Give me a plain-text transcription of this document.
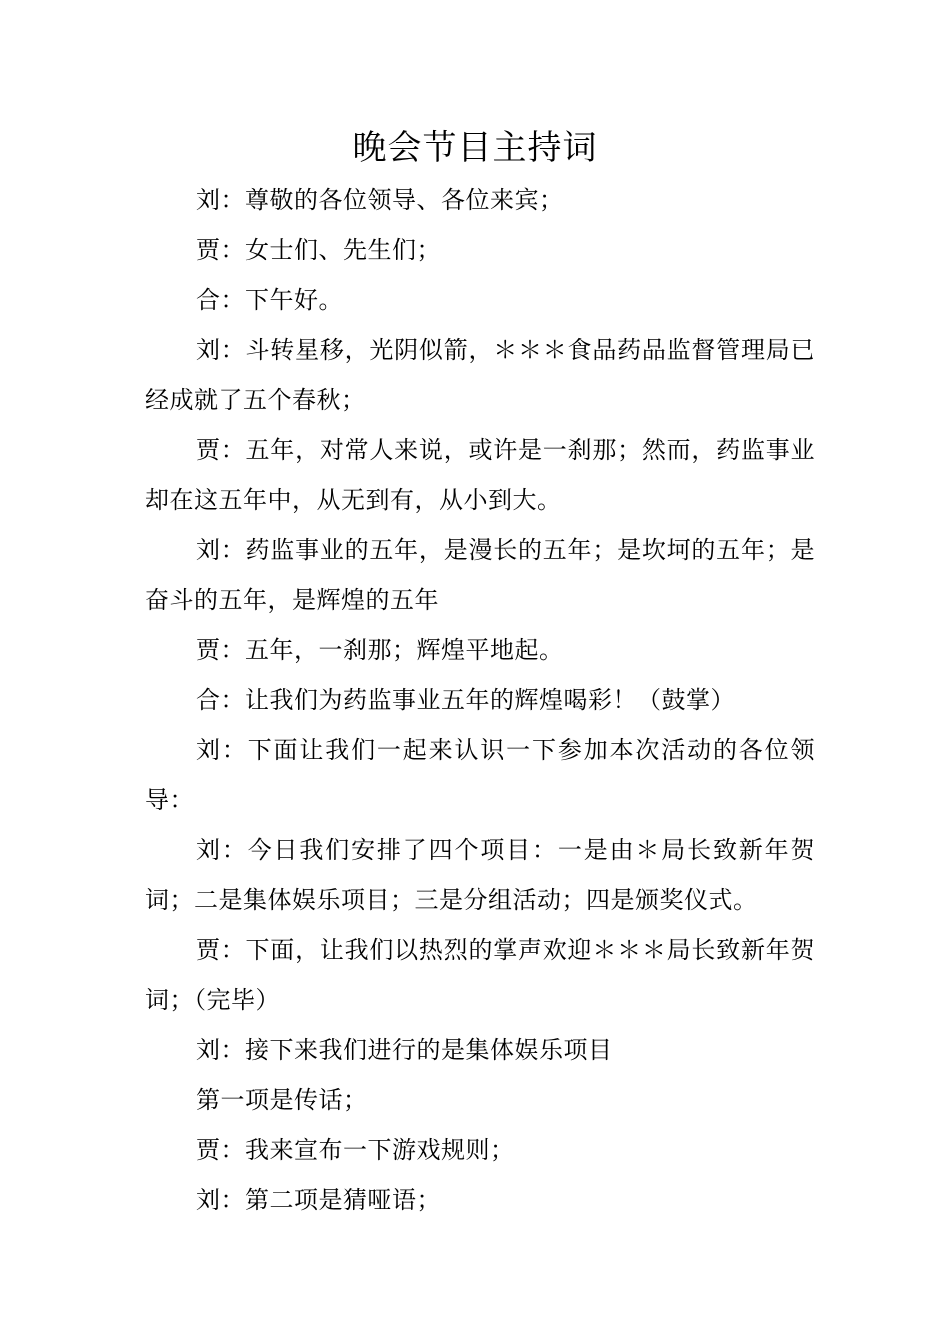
晚会节目主持词

刘：尊敬的各位领导、各位来宾；

贾：女士们、先生们；

合：下午好。

刘：斗转星移，光阴似箭，＊＊＊食品药品监督管理局已经成就了五个春秋；

贾：五年，对常人来说，或许是一刹那；然而，药监事业却在这五年中，从无到有，从小到大。

刘：药监事业的五年，是漫长的五年；是坎坷的五年；是奋斗的五年，是辉煌的五年

贾：五年，一刹那；辉煌平地起。

合：让我们为药监事业五年的辉煌喝彩！（鼓掌）

刘：下面让我们一起来认识一下参加本次活动的各位领导：

刘：今日我们安排了四个项目：一是由＊局长致新年贺词；二是集体娱乐项目；三是分组活动；四是颁奖仪式。

贾：下面，让我们以热烈的掌声欢迎＊＊＊局长致新年贺词；（完毕）

刘：接下来我们进行的是集体娱乐项目

第一项是传话；

贾：我来宣布一下游戏规则；

刘：第二项是猜哑语；
